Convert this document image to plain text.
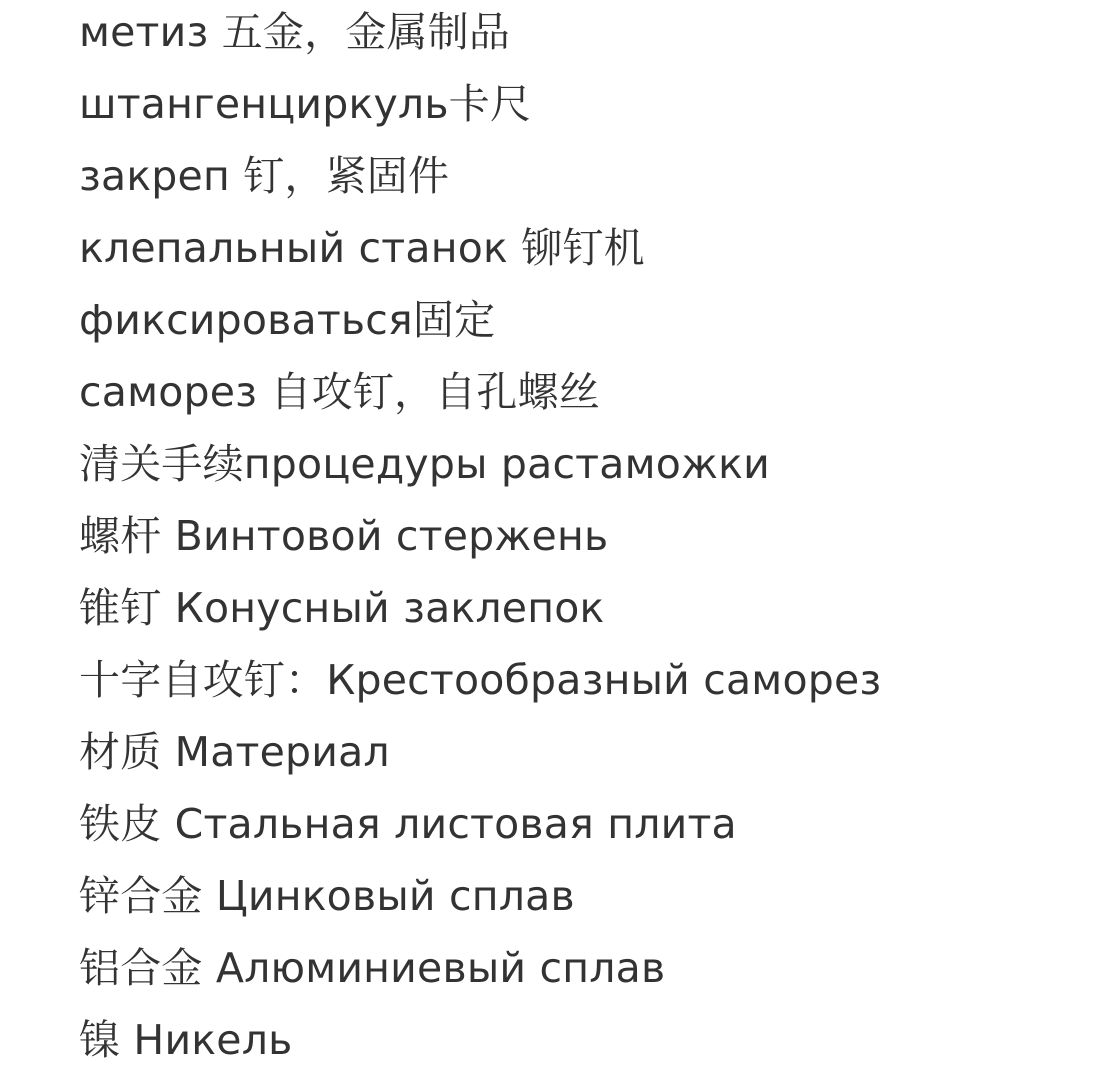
метиз 五金，金属制品
штангенциркуль卡尺
закреп 钉，紧固件
клепальный станок 铆钉机
фиксироваться固定
саморез 自攻钉，自孔螺丝
清关手续процедуры растаможки
螺杆 Винтовой стержень
锥钉 Конусный заклепок
十字自攻钉：Крестообразный саморез
材质 Материал
铁皮 Стальная листовая плита
锌合金 Цинковый сплав
铝合金 Алюминиевый сплав
镍 Никель
